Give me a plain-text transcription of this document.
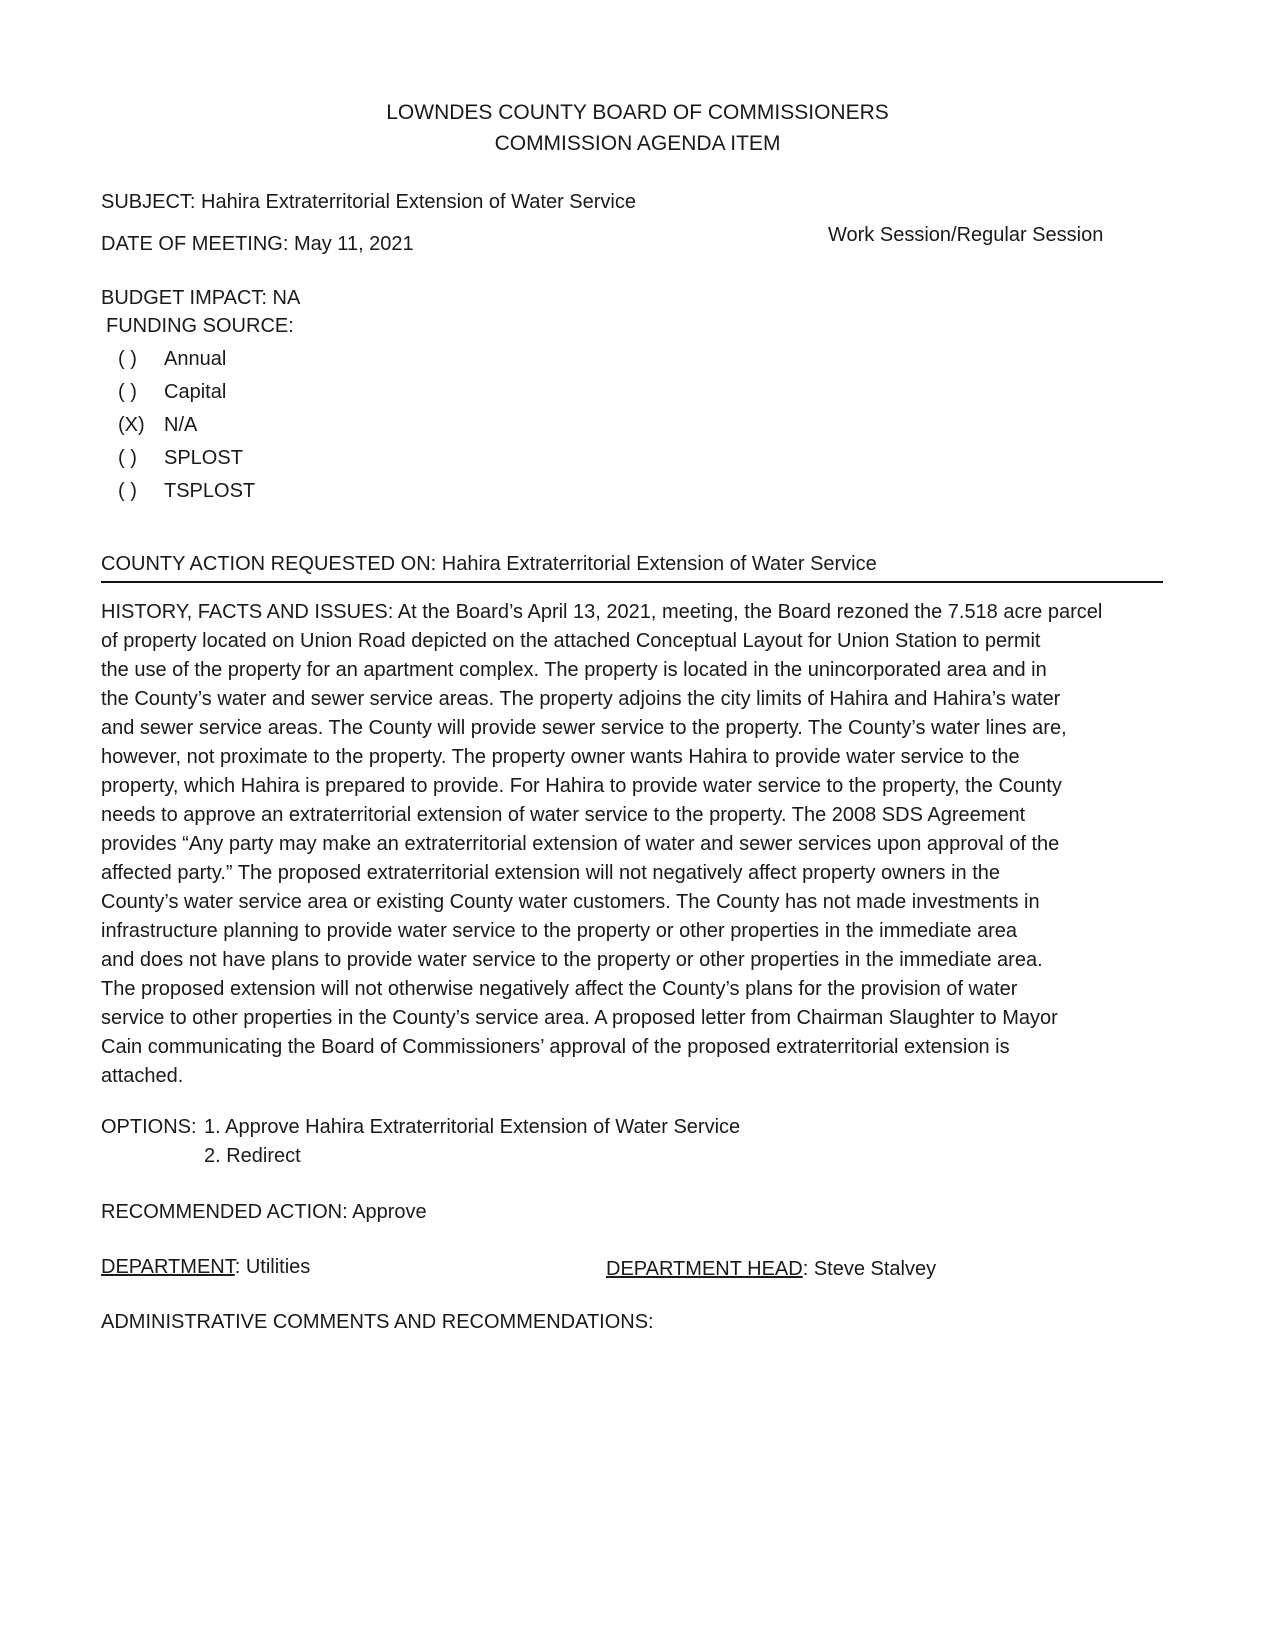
LOWNDES COUNTY BOARD OF COMMISSIONERS
COMMISSION AGENDA ITEM
SUBJECT: Hahira Extraterritorial Extension of Water Service
DATE OF MEETING: May 11, 2021	Work Session/Regular Session
BUDGET IMPACT: NA
FUNDING SOURCE:
( ) Annual
( ) Capital
(X) N/A
( ) SPLOST
( ) TSPLOST
COUNTY ACTION REQUESTED ON: Hahira Extraterritorial Extension of Water Service
HISTORY, FACTS AND ISSUES: At the Board’s April 13, 2021, meeting, the Board rezoned the 7.518 acre parcel
of property located on Union Road depicted on the attached Conceptual Layout for Union Station to permit
the use of the property for an apartment complex. The property is located in the unincorporated area and in
the County’s water and sewer service areas. The property adjoins the city limits of Hahira and Hahira’s water
and sewer service areas. The County will provide sewer service to the property. The County’s water lines are,
however, not proximate to the property. The property owner wants Hahira to provide water service to the
property, which Hahira is prepared to provide. For Hahira to provide water service to the property, the County
needs to approve an extraterritorial extension of water service to the property. The 2008 SDS Agreement
provides “Any party may make an extraterritorial extension of water and sewer services upon approval of the
affected party.” The proposed extraterritorial extension will not negatively affect property owners in the
County’s water service area or existing County water customers. The County has not made investments in
infrastructure planning to provide water service to the property or other properties in the immediate area
and does not have plans to provide water service to the property or other properties in the immediate area.
The proposed extension will not otherwise negatively affect the County’s plans for the provision of water
service to other properties in the County’s service area. A proposed letter from Chairman Slaughter to Mayor
Cain communicating the Board of Commissioners’ approval of the proposed extraterritorial extension is
attached.
OPTIONS: 1. Approve Hahira Extraterritorial Extension of Water Service
2. Redirect
RECOMMENDED ACTION: Approve
DEPARTMENT: Utilities	DEPARTMENT HEAD: Steve Stalvey
ADMINISTRATIVE COMMENTS AND RECOMMENDATIONS:
